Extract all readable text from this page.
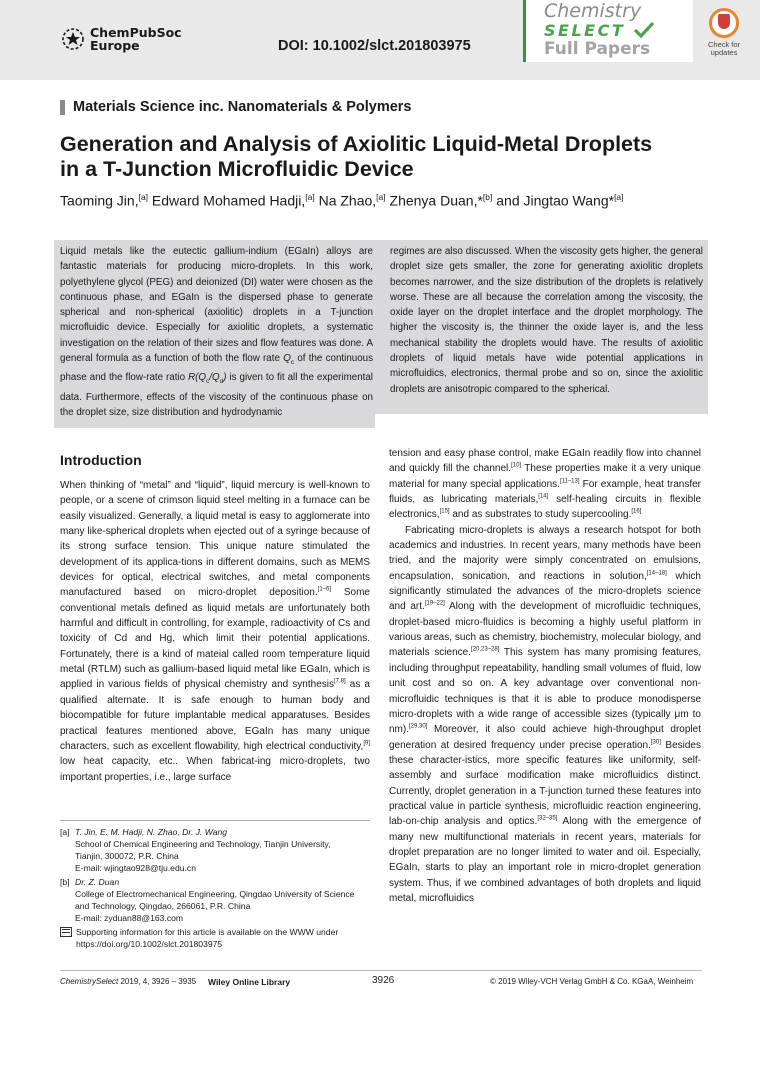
ChemPubSoc
Europe	DOI: 10.1002/slct.201803975
Chemistry
SELECT
Full Papers	Check for
updates
Materials Science inc. Nanomaterials & Polymers
Generation and Analysis of Axiolitic Liquid-Metal Droplets
in a T-Junction Microfluidic Device
Taoming Jin,[a] Edward Mohamed Hadji,[a] Na Zhao,[a] Zhenya Duan,*[b] and Jingtao Wang*[a]
Liquid metals like the eutectic gallium-indium (EGaIn) alloys are fantastic materials for producing micro-droplets. In this work, polyethylene glycol (PEG) and deionized (DI) water were chosen as the continuous phase, and EGaIn is the dispersed phase to generate spherical and non-spherical (axiolitic) droplets in a T-junction microfluidic device. Especially for axiolitic droplets, a systematic investigation on the relation of their sizes and flow features was done. A general formula as a function of both the flow rate $Q_c$ of the continuous phase and the flow-rate ratio $R(Q_c/Q_d)$ is given to fit all the experimental data. Furthermore, effects of the viscosity of the continuous phase on the droplet size, size distribution and hydrodynamic
regimes are also discussed. When the viscosity gets higher, the general droplet size gets smaller, the zone for generating axiolitic droplets becomes narrower, and the size distribution of the droplets is relatively worse. These are all because the correlation among the viscosity, the oxide layer on the droplet interface and the droplet morphology. The higher the viscosity is, the thinner the oxide layer is, and the less mechanical stability the droplets would have. The results of axiolitic droplets of liquid metals have wide potential applications in microfluidics, electronics, thermal probe and so on, since the axiolitic droplets are anisotropic compared to the spherical.
Introduction
When thinking of “metal” and “liquid”, liquid mercury is well-known to people, or a scene of crimson liquid steel melting in a furnace can be easily visualized. Generally, a liquid metal is easy to agglomerate into many like-spherical droplets when ejected out of a syringe because of its strong surface tension. This unique nature stimulated the development of its applica-tions in different domains, such as MEMS devices for optical, electrical switches, and metal components manufactured based on micro-droplet deposition.[1–6] Some conventional metals defined as liquid metals are unfortunately both harmful and difficult in controlling, for example, radioactivity of Cs and toxicity of Cd and Hg, which limit their potential applications. Fortunately, there is a kind of mateial called room temperature liquid metal (RTLM) such as gallium-based liquid metal like EGaIn, which is applied in various fields of physical chemistry and synthesis[7,8] as a qualified alternate. It is safe enough to human body and biocompatible for future implantable medical apparatuses. Besides practical features mentioned above, EGaIn has many unique characters, such as excellent flowability, high electrical conductivity,[9] low heat capacity, etc.. When fabricat-ing micro-droplets, two important properties, i.e., large surface
tension and easy phase control, make EGaIn readily flow into channel and quickly fill the channel.[10] These properties make it a very unique material for many special applications.[11–13] For example, heat transfer fluids, as lubricating materials,[14] self-healing circuits in flexible electronics,[15] and as substrates to study supercooling.[16]
Fabricating micro-droplets is always a research hotspot for both academics and industries. In recent years, many methods have been tried, and the majority were simply concentrated on emulsions, encapsulation, sonication, and reactions in solution,[14–18] which significantly stimulated the advances of the micro-droplets science and art.[19–22] Along with the development of microfluidic techniques, droplet-based micro-fluidics is becoming a highly useful platform in various areas, such as chemistry, biochemistry, molecular biology, and materials science.[20,23–28] This system has many promising features, including throughput repeatability, handling small volumes of fluid, low unit cost and so on. A key advantage over conventional non-microfluidic techniques is that it is able to produce monodisperse micro-droplets with a wide range of accessible sizes (typically μm to nm).[29,30] Moreover, it also could achieve high-throughput droplet generation at desired frequency under precise operation.[30] Besides these character-istics, more specific features like uniformity, self-assembly and surface modification make microfluidics distinct. Currently, droplet generation in a T-junction turned these features into practical value in particle synthesis, microfluidic reaction engineering, lab-on-chip analysis and optics.[32–35] Along with the emergence of many new multifunctional materials in recent years, materials for droplet preparation are no longer limited to water and oil. Especially, EGaIn, starts to play an important role in micro-droplet generation system. Thus, if we combined advantages of both droplets and liquid metal, microfluidics
[a] T. Jin, E. M. Hadji, N. Zhao, Dr. J. Wang
School of Chemical Engineering and Technology, Tianjin University,
Tianjin, 300072, P.R. China
E-mail: wjingtao928@tju.edu.cn
[b] Dr. Z. Duan
College of Electromechanical Engineering, Qingdao University of Science
and Technology, Qingdao, 266061, P.R. China
E-mail: zyduan88@163.com
Supporting information for this article is available on the WWW under https://doi.org/10.1002/slct.201803975
ChemistrySelect 2019, 4, 3926 – 3935 Wiley Online Library	3926	© 2019 Wiley-VCH Verlag GmbH & Co. KGaA, Weinheim
